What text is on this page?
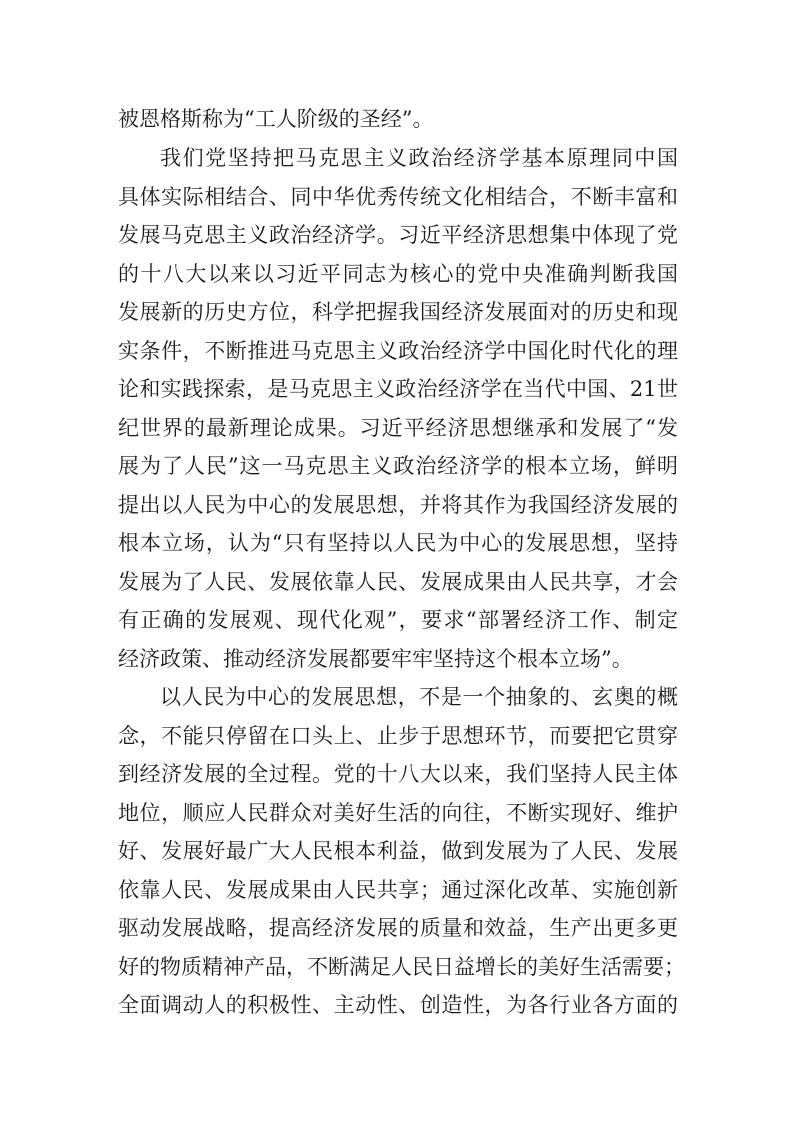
被恩格斯称为“工人阶级的圣经”。
我们党坚持把马克思主义政治经济学基本原理同中国
具体实际相结合、同中华优秀传统文化相结合，不断丰富和
发展马克思主义政治经济学。习近平经济思想集中体现了党
的十八大以来以习近平同志为核心的党中央准确判断我国
发展新的历史方位，科学把握我国经济发展面对的历史和现
实条件，不断推进马克思主义政治经济学中国化时代化的理
论和实践探索，是马克思主义政治经济学在当代中国、21世
纪世界的最新理论成果。习近平经济思想继承和发展了“发
展为了人民”这一马克思主义政治经济学的根本立场，鲜明
提出以人民为中心的发展思想，并将其作为我国经济发展的
根本立场，认为“只有坚持以人民为中心的发展思想，坚持
发展为了人民、发展依靠人民、发展成果由人民共享，才会
有正确的发展观、现代化观”，要求“部署经济工作、制定
经济政策、推动经济发展都要牢牢坚持这个根本立场”。
以人民为中心的发展思想，不是一个抽象的、玄奥的概
念，不能只停留在口头上、止步于思想环节，而要把它贯穿
到经济发展的全过程。党的十八大以来，我们坚持人民主体
地位，顺应人民群众对美好生活的向往，不断实现好、维护
好、发展好最广大人民根本利益，做到发展为了人民、发展
依靠人民、发展成果由人民共享；通过深化改革、实施创新
驱动发展战略，提高经济发展的质量和效益，生产出更多更
好的物质精神产品，不断满足人民日益增长的美好生活需要；
全面调动人的积极性、主动性、创造性，为各行业各方面的
